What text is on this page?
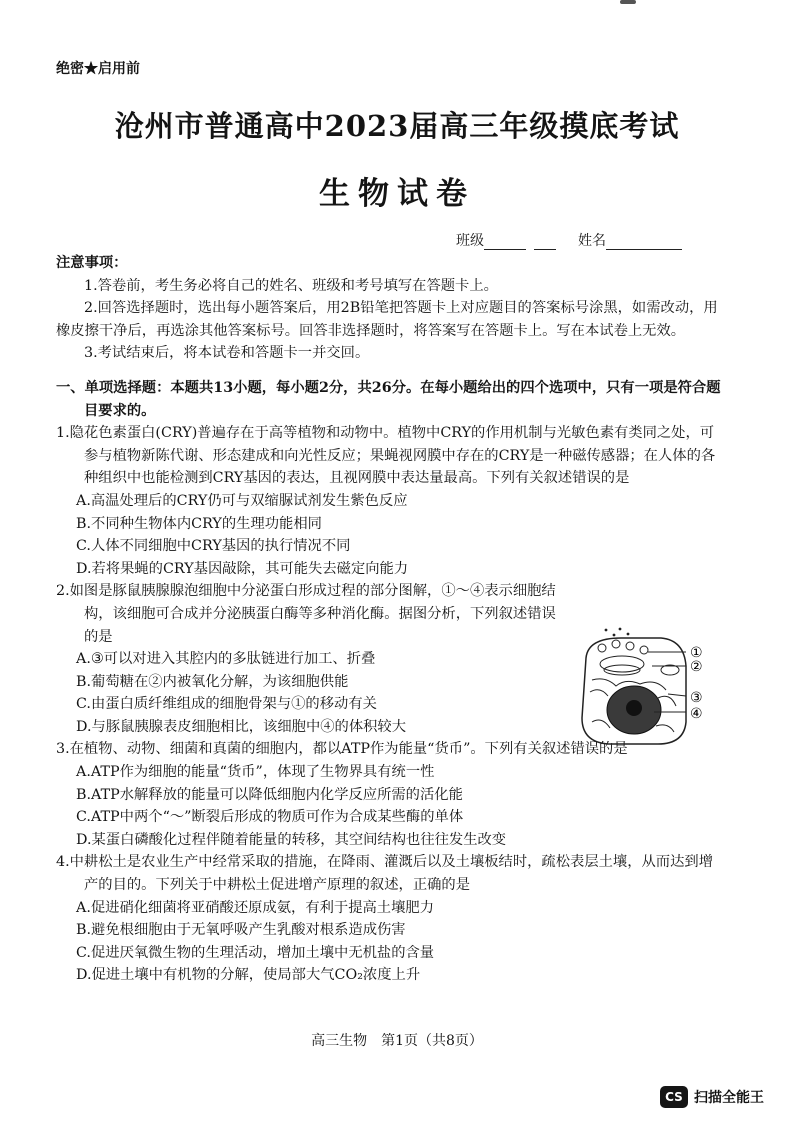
绝密★启用前
沧州市普通高中2023届高三年级摸底考试
生物试卷
班级	姓名

注意事项：

1.答卷前，考生务必将自己的姓名、班级和考号填写在答题卡上。

2.回答选择题时，选出每小题答案后，用2B铅笔把答题卡上对应题目的答案标号涂黑，如需改动，用橡皮擦干净后，再选涂其他答案标号。回答非选择题时，将答案写在答题卡上。写在本试卷上无效。

3.考试结束后，将本试卷和答题卡一并交回。

一、单项选择题：本题共13小题，每小题2分，共26分。在每小题给出的四个选项中，只有一项是符合题目要求的。

1.隐花色素蛋白(CRY)普遍存在于高等植物和动物中。植物中CRY的作用机制与光敏色素有类同之处，可参与植物新陈代谢、形态建成和向光性反应；果蝇视网膜中存在的CRY是一种磁传感器；在人体的各种组织中也能检测到CRY基因的表达，且视网膜中表达量最高。下列有关叙述错误的是

A.高温处理后的CRY仍可与双缩脲试剂发生紫色反应

B.不同种生物体内CRY的生理功能相同

C.人体不同细胞中CRY基因的执行情况不同

D.若将果蝇的CRY基因敲除，其可能失去磁定向能力

2.如图是豚鼠胰腺腺泡细胞中分泌蛋白形成过程的部分图解，①～④表示细胞结构，该细胞可合成并分泌胰蛋白酶等多种消化酶。据图分析，下列叙述错误的是

A.③可以对进入其腔内的多肽链进行加工、折叠

B.葡萄糖在②内被氧化分解，为该细胞供能

C.由蛋白质纤维组成的细胞骨架与①的移动有关

D.与豚鼠胰腺表皮细胞相比，该细胞中④的体积较大

3.在植物、动物、细菌和真菌的细胞内，都以ATP作为能量“货币”。下列有关叙述错误的是

A.ATP作为细胞的能量“货币”，体现了生物界具有统一性

B.ATP水解释放的能量可以降低细胞内化学反应所需的活化能

C.ATP中两个“～”断裂后形成的物质可作为合成某些酶的单体

D.某蛋白磷酸化过程伴随着能量的转移，其空间结构也往往发生改变

4.中耕松土是农业生产中经常采取的措施，在降雨、灌溉后以及土壤板结时，疏松表层土壤，从而达到增产的目的。下列关于中耕松土促进增产原理的叙述，正确的是

A.促进硝化细菌将亚硝酸还原成氨，有利于提高土壤肥力

B.避免根细胞由于无氧呼吸产生乳酸对根系造成伤害

C.促进厌氧微生物的生理活动，增加土壤中无机盐的含量

D.促进土壤中有机物的分解，使局部大气CO₂浓度上升

①
②
③
④
高三生物　第1页（共8页）
CS 扫描全能王
